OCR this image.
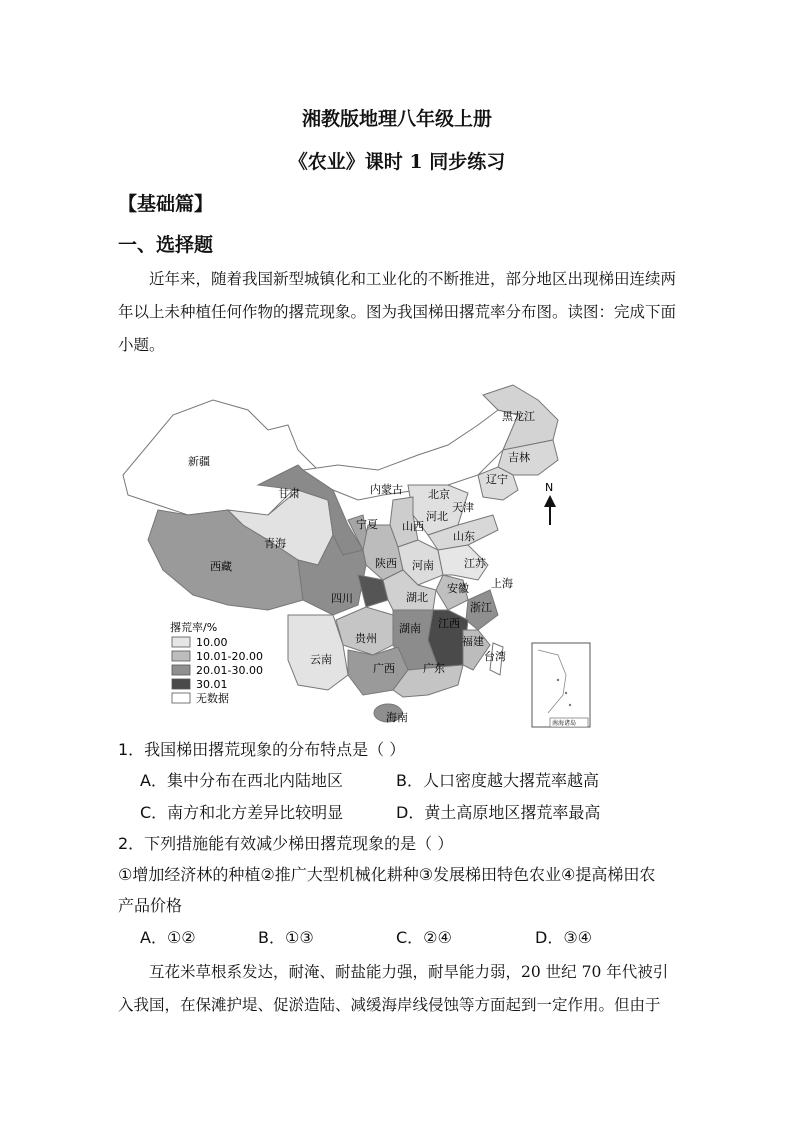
湘教版地理八年级上册
《农业》课时 1 同步练习
【基础篇】
一、选择题
近年来，随着我国新型城镇化和工业化的不断推进，部分地区出现梯田连续两年以上未种植任何作物的撂荒现象。图为我国梯田撂荒率分布图。读图：完成下面小题。
新疆
西藏
青海
甘肃	内蒙古
黑龙江
吉林
辽宁
北京
天津
河北
山西
宁夏
山东
陕西 河南	江苏
安徽 上海
四川	湖北
贵州
湖南 江西
浙江
福建
云南
广西	广东
台湾
海南
N
南海诸岛
撂荒率/%
10.00
10.01-20.00
20.01-30.00
30.01
无数据
1．我国梯田撂荒现象的分布特点是（ ）
A．集中分布在西北内陆地区	B．人口密度越大撂荒率越高
C．南方和北方差异比较明显	D．黄土高原地区撂荒率最高
2．下列措施能有效减少梯田撂荒现象的是（ ）
①增加经济林的种植②推广大型机械化耕种③发展梯田特色农业④提高梯田农
产品价格
A．①②	B．①③	C．②④	D．③④
互花米草根系发达，耐淹、耐盐能力强，耐旱能力弱，20 世纪 70 年代被引入我国，在保滩护堤、促淤造陆、减缓海岸线侵蚀等方面起到一定作用。但由于
